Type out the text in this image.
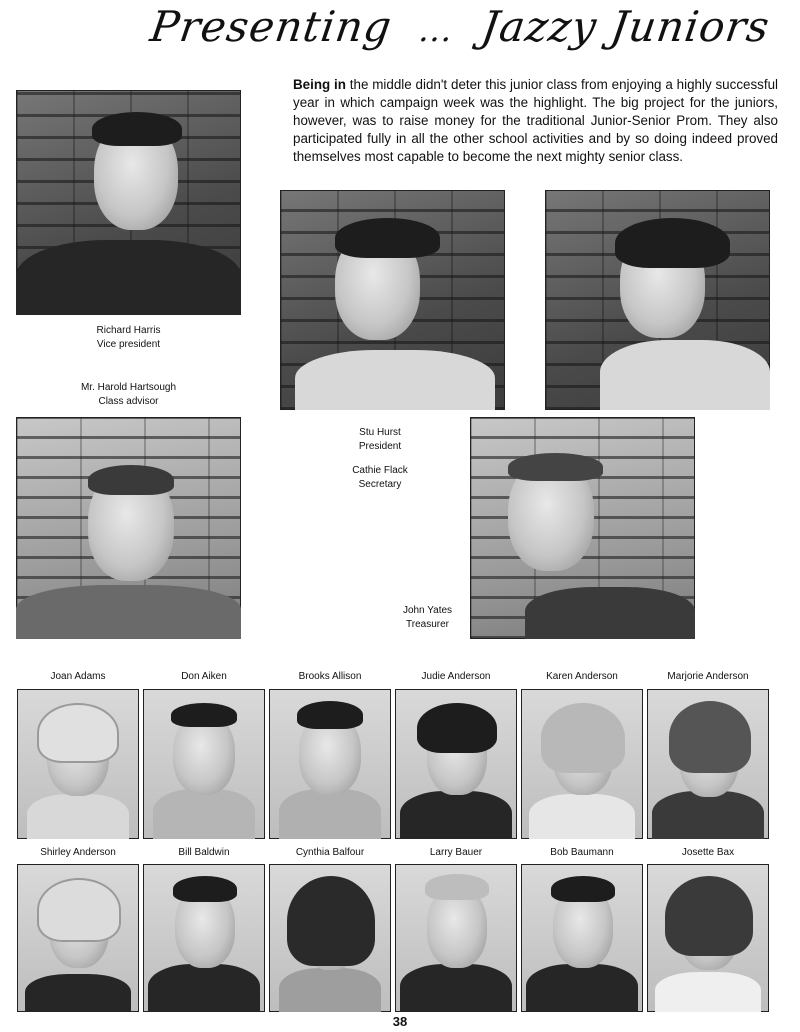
Presenting ... Jazzy Juniors
Being in the middle didn't deter this junior class from enjoying a highly successful year in which campaign week was the highlight. The big project for the juniors, however, was to raise money for the traditional Junior-Senior Prom. They also participated fully in all the other school activities and by so doing indeed proved themselves most capable to become the next mighty senior class.
Richard Harris
Vice president
Mr. Harold Hartsough
Class advisor
Stu Hurst
President
Cathie Flack
Secretary
John Yates
Treasurer
Joan Adams	Don Aiken	Brooks Allison	Judie Anderson	Karen Anderson	Marjorie Anderson
Shirley Anderson	Bill Baldwin	Cynthia Balfour	Larry Bauer	Bob Baumann	Josette Bax
38
